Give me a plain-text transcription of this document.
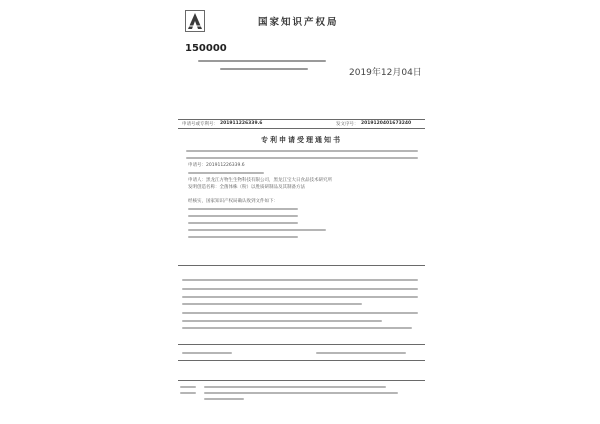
国家知识产权局
150000
2019年12月04日
申请号或专利号： 201911226339.6	发文序号： 2019120401673240
专利申请受理通知书
申请号：201911226339.6
申请人：黑龙江方物生生物科技有限公司，黑龙江宝大日食品技术研究所
发明创造名称：全菌体株（粉）以胜质研制品及其制备方法
经核实，国家知识产权局确认收到文件如下：
